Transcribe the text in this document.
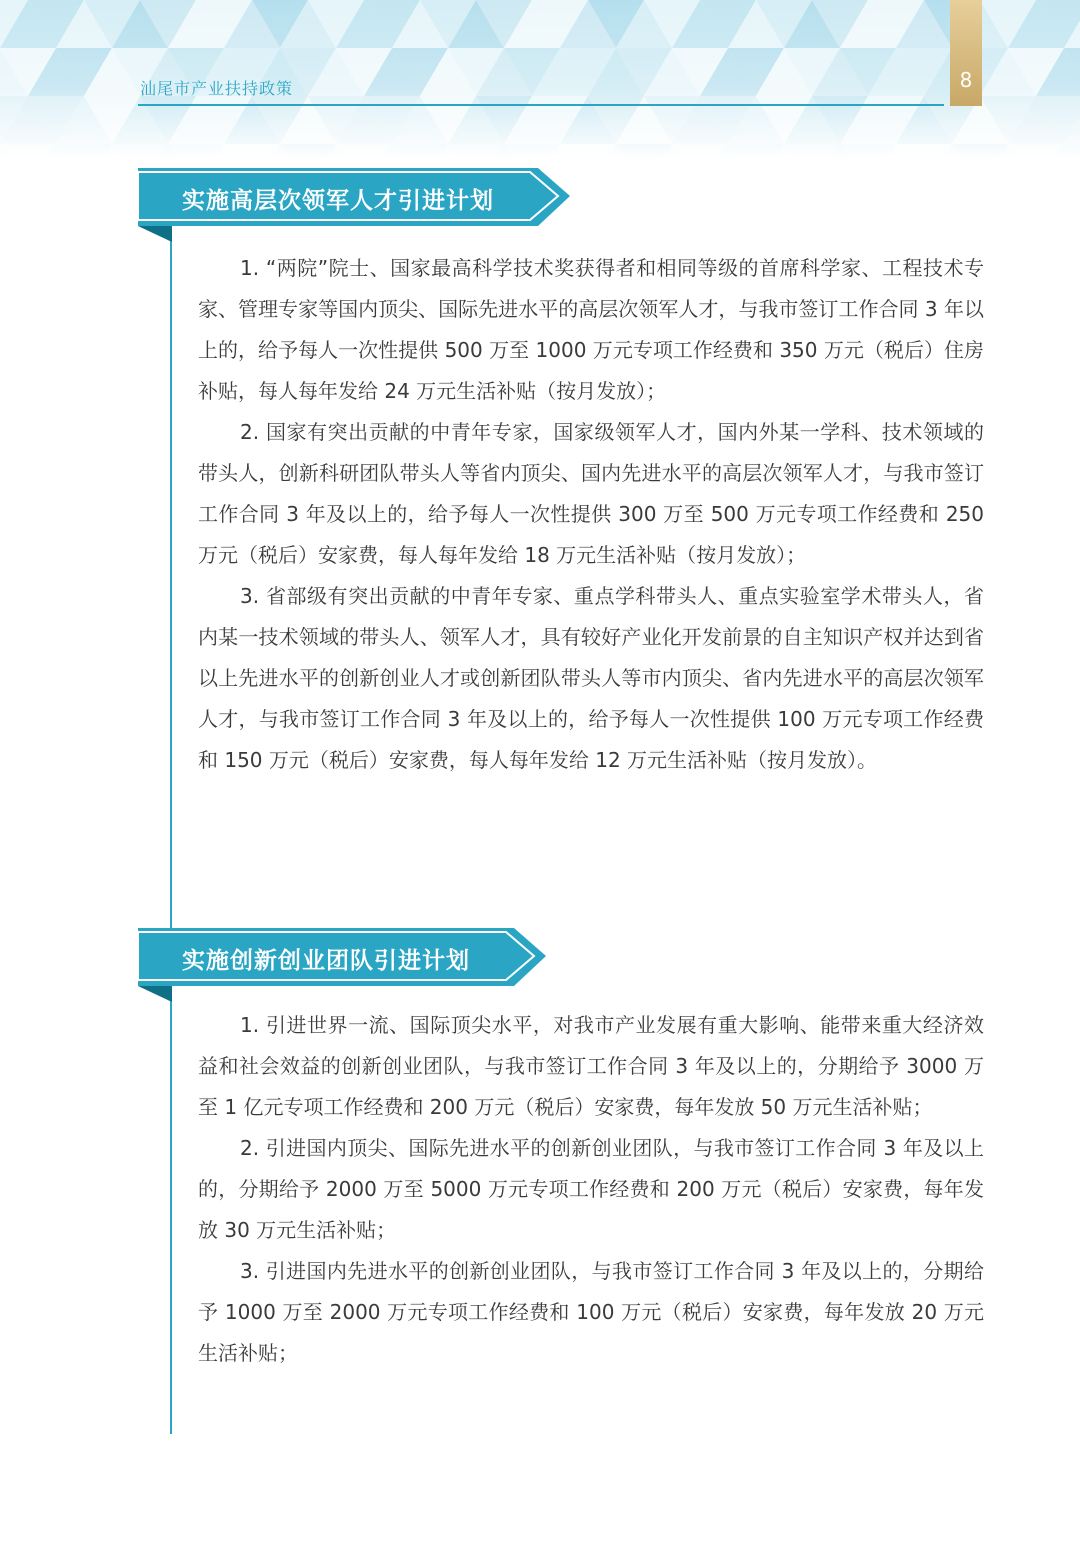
汕尾市产业扶持政策	8
实施高层次领军人才引进计划

1. “两院”院士、国家最高科学技术奖获得者和相同等级的首席科学家、工程技术专家、管理专家等国内顶尖、国际先进水平的高层次领军人才，与我市签订工作合同 3 年以上的，给予每人一次性提供 500 万至 1000 万元专项工作经费和 350 万元（税后）住房补贴，每人每年发给 24 万元生活补贴（按月发放）；

2. 国家有突出贡献的中青年专家，国家级领军人才，国内外某一学科、技术领域的带头人，创新科研团队带头人等省内顶尖、国内先进水平的高层次领军人才，与我市签订工作合同 3 年及以上的，给予每人一次性提供 300 万至 500 万元专项工作经费和 250 万元（税后）安家费，每人每年发给 18 万元生活补贴（按月发放）；

3. 省部级有突出贡献的中青年专家、重点学科带头人、重点实验室学术带头人，省内某一技术领域的带头人、领军人才，具有较好产业化开发前景的自主知识产权并达到省以上先进水平的创新创业人才或创新团队带头人等市内顶尖、省内先进水平的高层次领军人才，与我市签订工作合同 3 年及以上的，给予每人一次性提供 100 万元专项工作经费和 150 万元（税后）安家费，每人每年发给 12 万元生活补贴（按月发放）。

实施创新创业团队引进计划

1. 引进世界一流、国际顶尖水平，对我市产业发展有重大影响、能带来重大经济效益和社会效益的创新创业团队，与我市签订工作合同 3 年及以上的，分期给予 3000 万至 1 亿元专项工作经费和 200 万元（税后）安家费，每年发放 50 万元生活补贴；

2. 引进国内顶尖、国际先进水平的创新创业团队，与我市签订工作合同 3 年及以上的，分期给予 2000 万至 5000 万元专项工作经费和 200 万元（税后）安家费，每年发放 30 万元生活补贴；

3. 引进国内先进水平的创新创业团队，与我市签订工作合同 3 年及以上的，分期给予 1000 万至 2000 万元专项工作经费和 100 万元（税后）安家费，每年发放 20 万元生活补贴；
